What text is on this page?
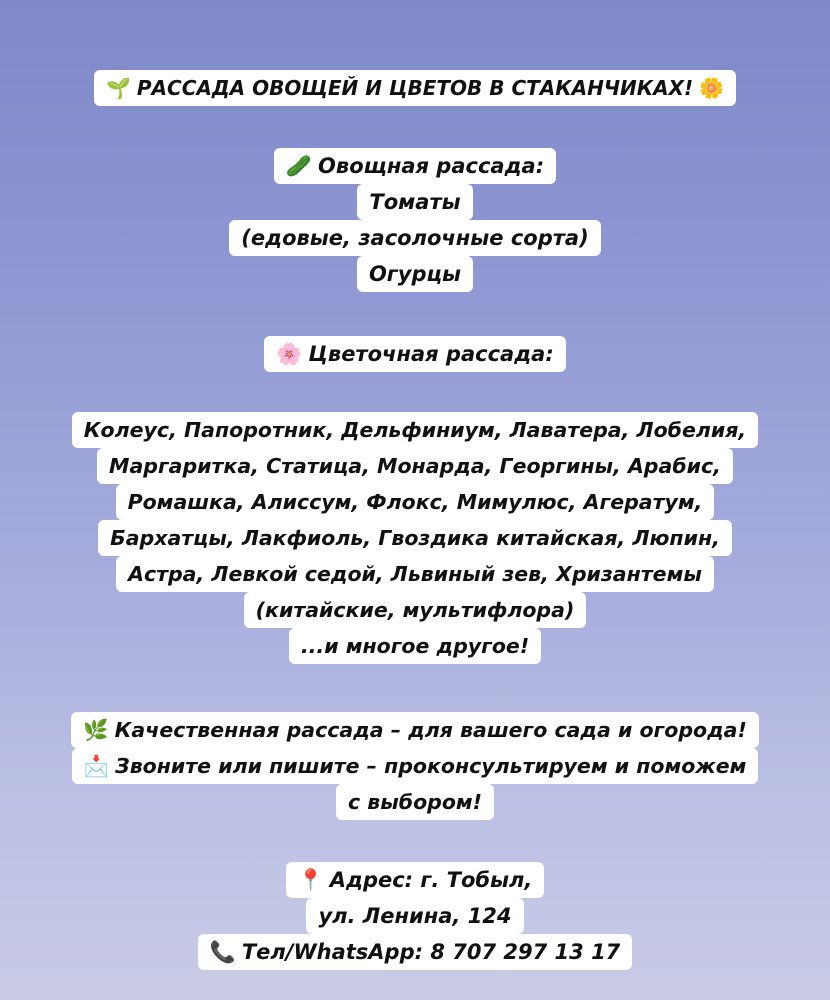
🌱 РАССАДА ОВОЩЕЙ И ЦВЕТОВ В СТАКАНЧИКАХ! 🌼
🥒 Овощная рассада:
Томаты
(едовые, засолочные сорта)
Огурцы
🌸 Цветочная рассада:
Колеус, Папоротник, Дельфиниум, Лаватера, Лобелия,
Маргаритка, Статица, Монарда, Георгины, Арабис,
Ромашка, Алиссум, Флокс, Мимулюс, Агератум,
Бархатцы, Лакфиоль, Гвоздика китайская, Люпин,
Астра, Левкой седой, Львиный зев, Хризантемы
(китайские, мультифлора)
...и многое другое!
🌿 Качественная рассада – для вашего сада и огорода!
📩 Звоните или пишите – проконсультируем и поможем
с выбором!
📍 Адрес: г. Тобыл,
ул. Ленина, 124
📞 Тел/WhatsApp: 8 707 297 13 17
